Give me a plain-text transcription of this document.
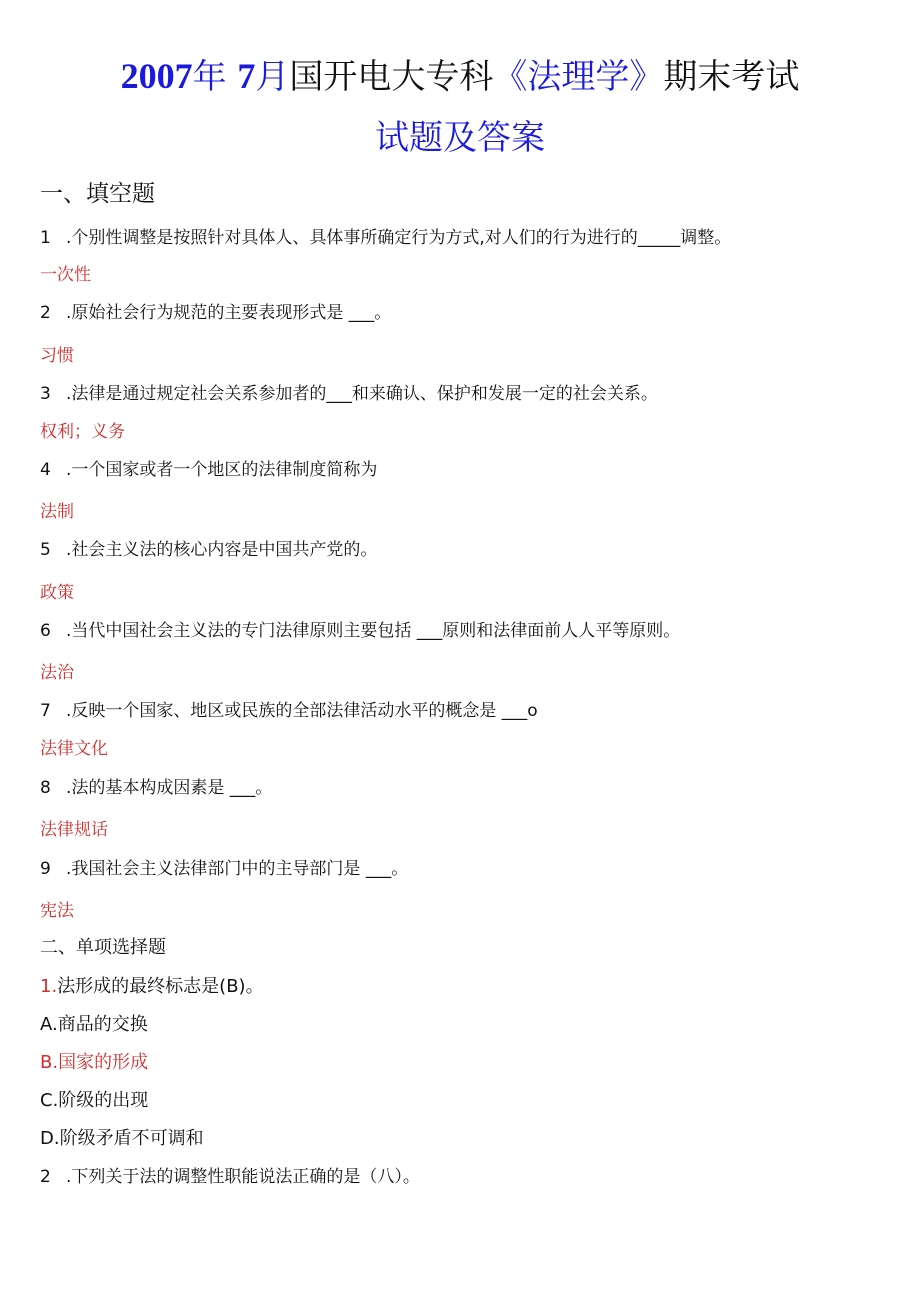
2007年 7月国开电大专科《法理学》期末考试
试题及答案
一、填空题
1 .个别性调整是按照针对具体人、具体事所确定行为方式,对人们的行为进行的_____调整。
一次性
2 .原始社会行为规范的主要表现形式是 ___。
习惯
3 .法律是通过规定社会关系参加者的___和来确认、保护和发展一定的社会关系。
权利；义务
4 .一个国家或者一个地区的法律制度简称为
法制
5 .社会主义法的核心内容是中国共产党的。
政策
6 .当代中国社会主义法的专门法律原则主要包括 ___原则和法律面前人人平等原则。
法治
7 .反映一个国家、地区或民族的全部法律活动水平的概念是 ___o
法律文化
8 .法的基本构成因素是 ___。
法律规话
9 .我国社会主义法律部门中的主导部门是 ___。
宪法
二、单项选择题
1.法形成的最终标志是(B)。
A.商品的交换
B.国家的形成
C.阶级的出现
D.阶级矛盾不可调和
2 .下列关于法的调整性职能说法正确的是（八）。
